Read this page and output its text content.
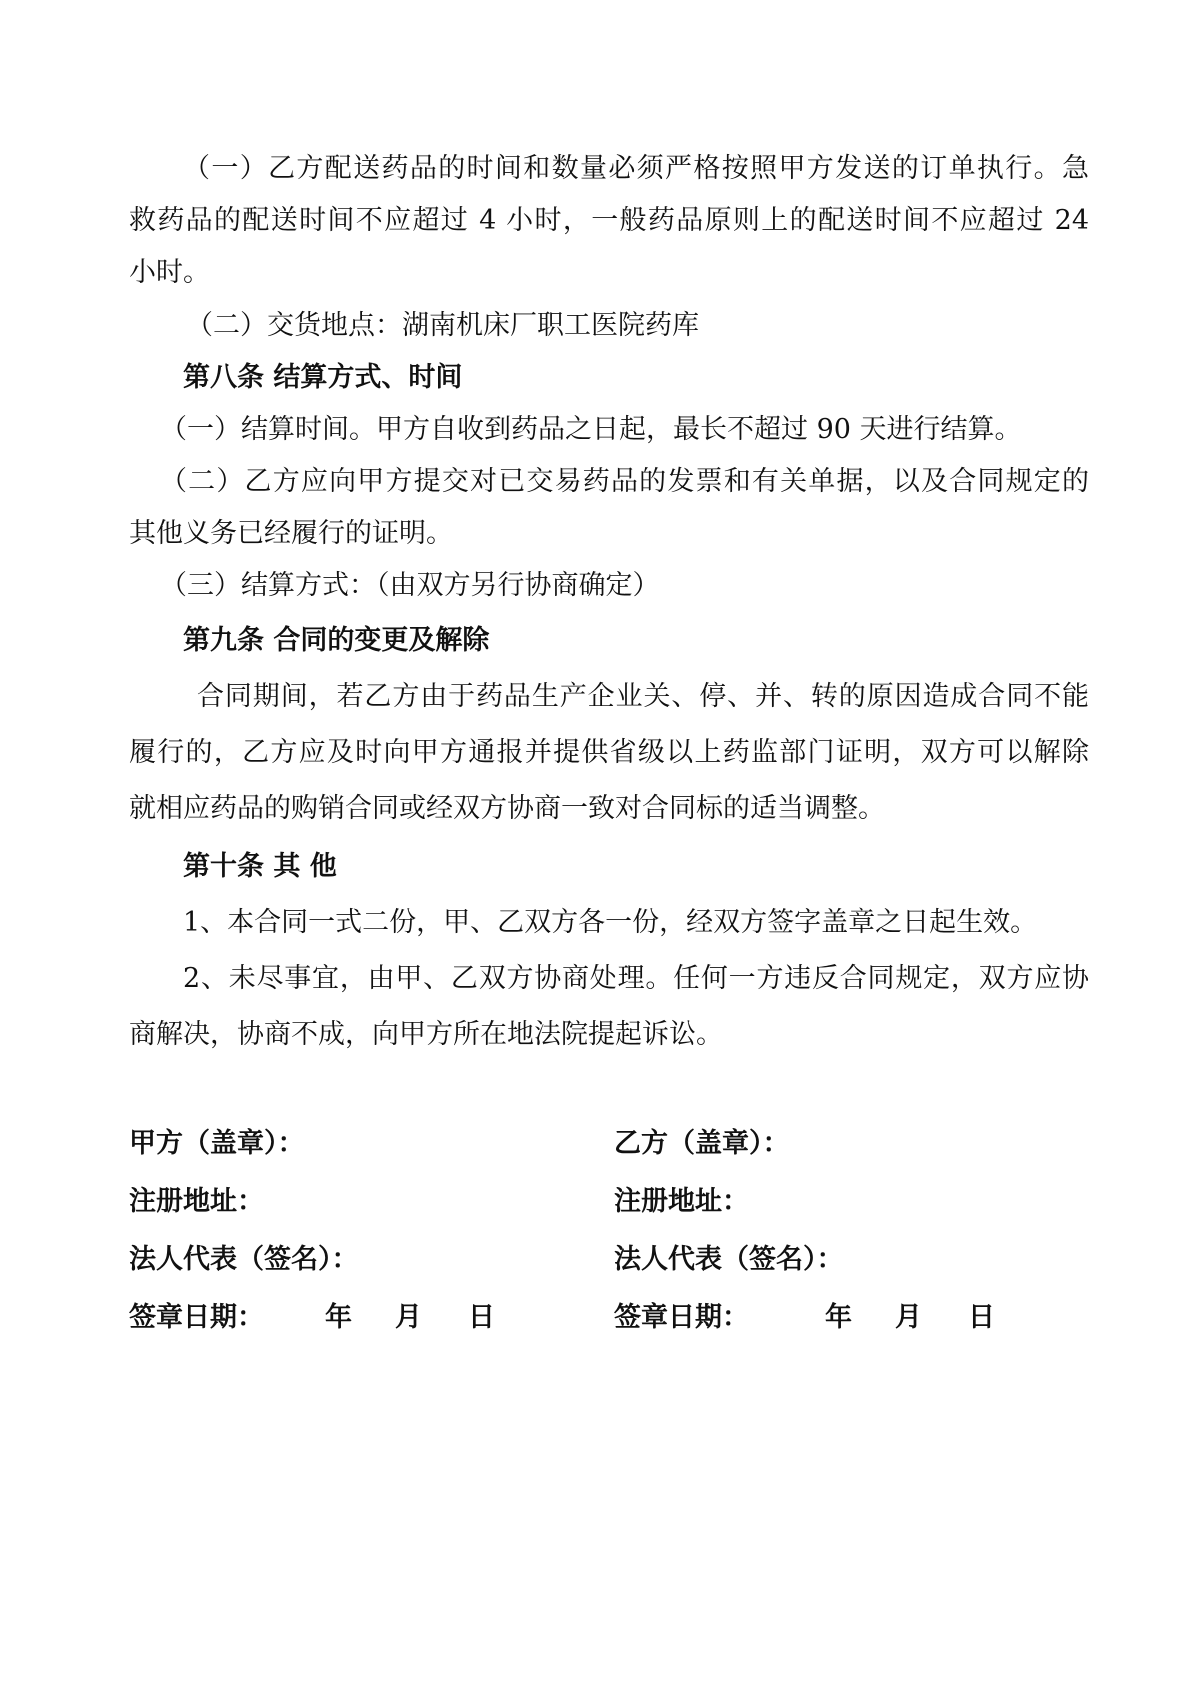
（一）乙方配送药品的时间和数量必须严格按照甲方发送的订单执行。急
救药品的配送时间不应超过 4 小时，一般药品原则上的配送时间不应超过 24
小时。
（二）交货地点：湖南机床厂职工医院药库
第八条 结算方式、时间
（一）结算时间。甲方自收到药品之日起，最长不超过 90 天进行结算。
（二）乙方应向甲方提交对已交易药品的发票和有关单据，以及合同规定的
其他义务已经履行的证明。
（三）结算方式：（由双方另行协商确定）
第九条 合同的变更及解除
合同期间，若乙方由于药品生产企业关、停、并、转的原因造成合同不能
履行的，乙方应及时向甲方通报并提供省级以上药监部门证明，双方可以解除
就相应药品的购销合同或经双方协商一致对合同标的适当调整。
第十条 其 他
1、本合同一式二份，甲、乙双方各一份，经双方签字盖章之日起生效。
2、未尽事宜，由甲、乙双方协商处理。任何一方违反合同规定，双方应协
商解决，协商不成，向甲方所在地法院提起诉讼。
甲方（盖章）：
注册地址：
法人代表（签名）：
签章日期： 年 月 日
乙方（盖章）：
注册地址：
法人代表（签名）：
签章日期：	年 月 日
